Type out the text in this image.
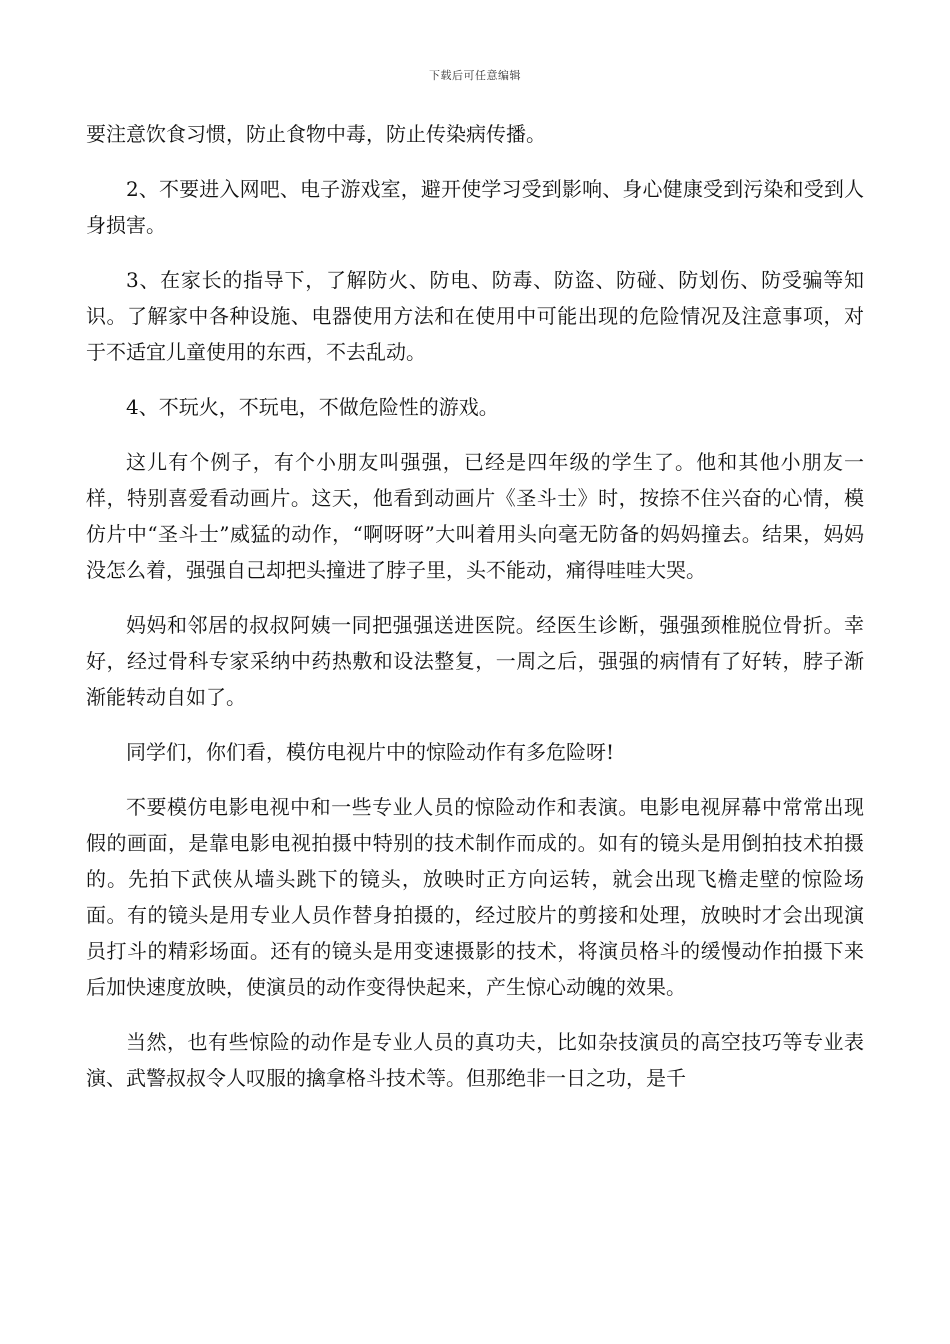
下载后可任意编辑

要注意饮食习惯，防止食物中毒，防止传染病传播。

2、不要进入网吧、电子游戏室，避开使学习受到影响、身心健康受到污染和受到人身损害。

3、在家长的指导下，了解防火、防电、防毒、防盗、防碰、防划伤、防受骗等知识。了解家中各种设施、电器使用方法和在使用中可能出现的危险情况及注意事项，对于不适宜儿童使用的东西，不去乱动。

4、不玩火，不玩电，不做危险性的游戏。

这儿有个例子，有个小朋友叫强强，已经是四年级的学生了。他和其他小朋友一样，特别喜爱看动画片。这天，他看到动画片《圣斗士》时，按捺不住兴奋的心情，模仿片中“圣斗士”威猛的动作，“啊呀呀”大叫着用头向毫无防备的妈妈撞去。结果，妈妈没怎么着，强强自己却把头撞进了脖子里，头不能动，痛得哇哇大哭。

妈妈和邻居的叔叔阿姨一同把强强送进医院。经医生诊断，强强颈椎脱位骨折。幸好，经过骨科专家采纳中药热敷和设法整复，一周之后，强强的病情有了好转，脖子渐渐能转动自如了。

同学们，你们看，模仿电视片中的惊险动作有多危险呀!

不要模仿电影电视中和一些专业人员的惊险动作和表演。电影电视屏幕中常常出现假的画面，是靠电影电视拍摄中特别的技术制作而成的。如有的镜头是用倒拍技术拍摄的。先拍下武侠从墙头跳下的镜头，放映时正方向运转，就会出现飞檐走壁的惊险场面。有的镜头是用专业人员作替身拍摄的，经过胶片的剪接和处理，放映时才会出现演员打斗的精彩场面。还有的镜头是用变速摄影的技术，将演员格斗的缓慢动作拍摄下来后加快速度放映，使演员的动作变得快起来，产生惊心动魄的效果。

当然，也有些惊险的动作是专业人员的真功夫，比如杂技演员的高空技巧等专业表演、武警叔叔令人叹服的擒拿格斗技术等。但那绝非一日之功，是千
